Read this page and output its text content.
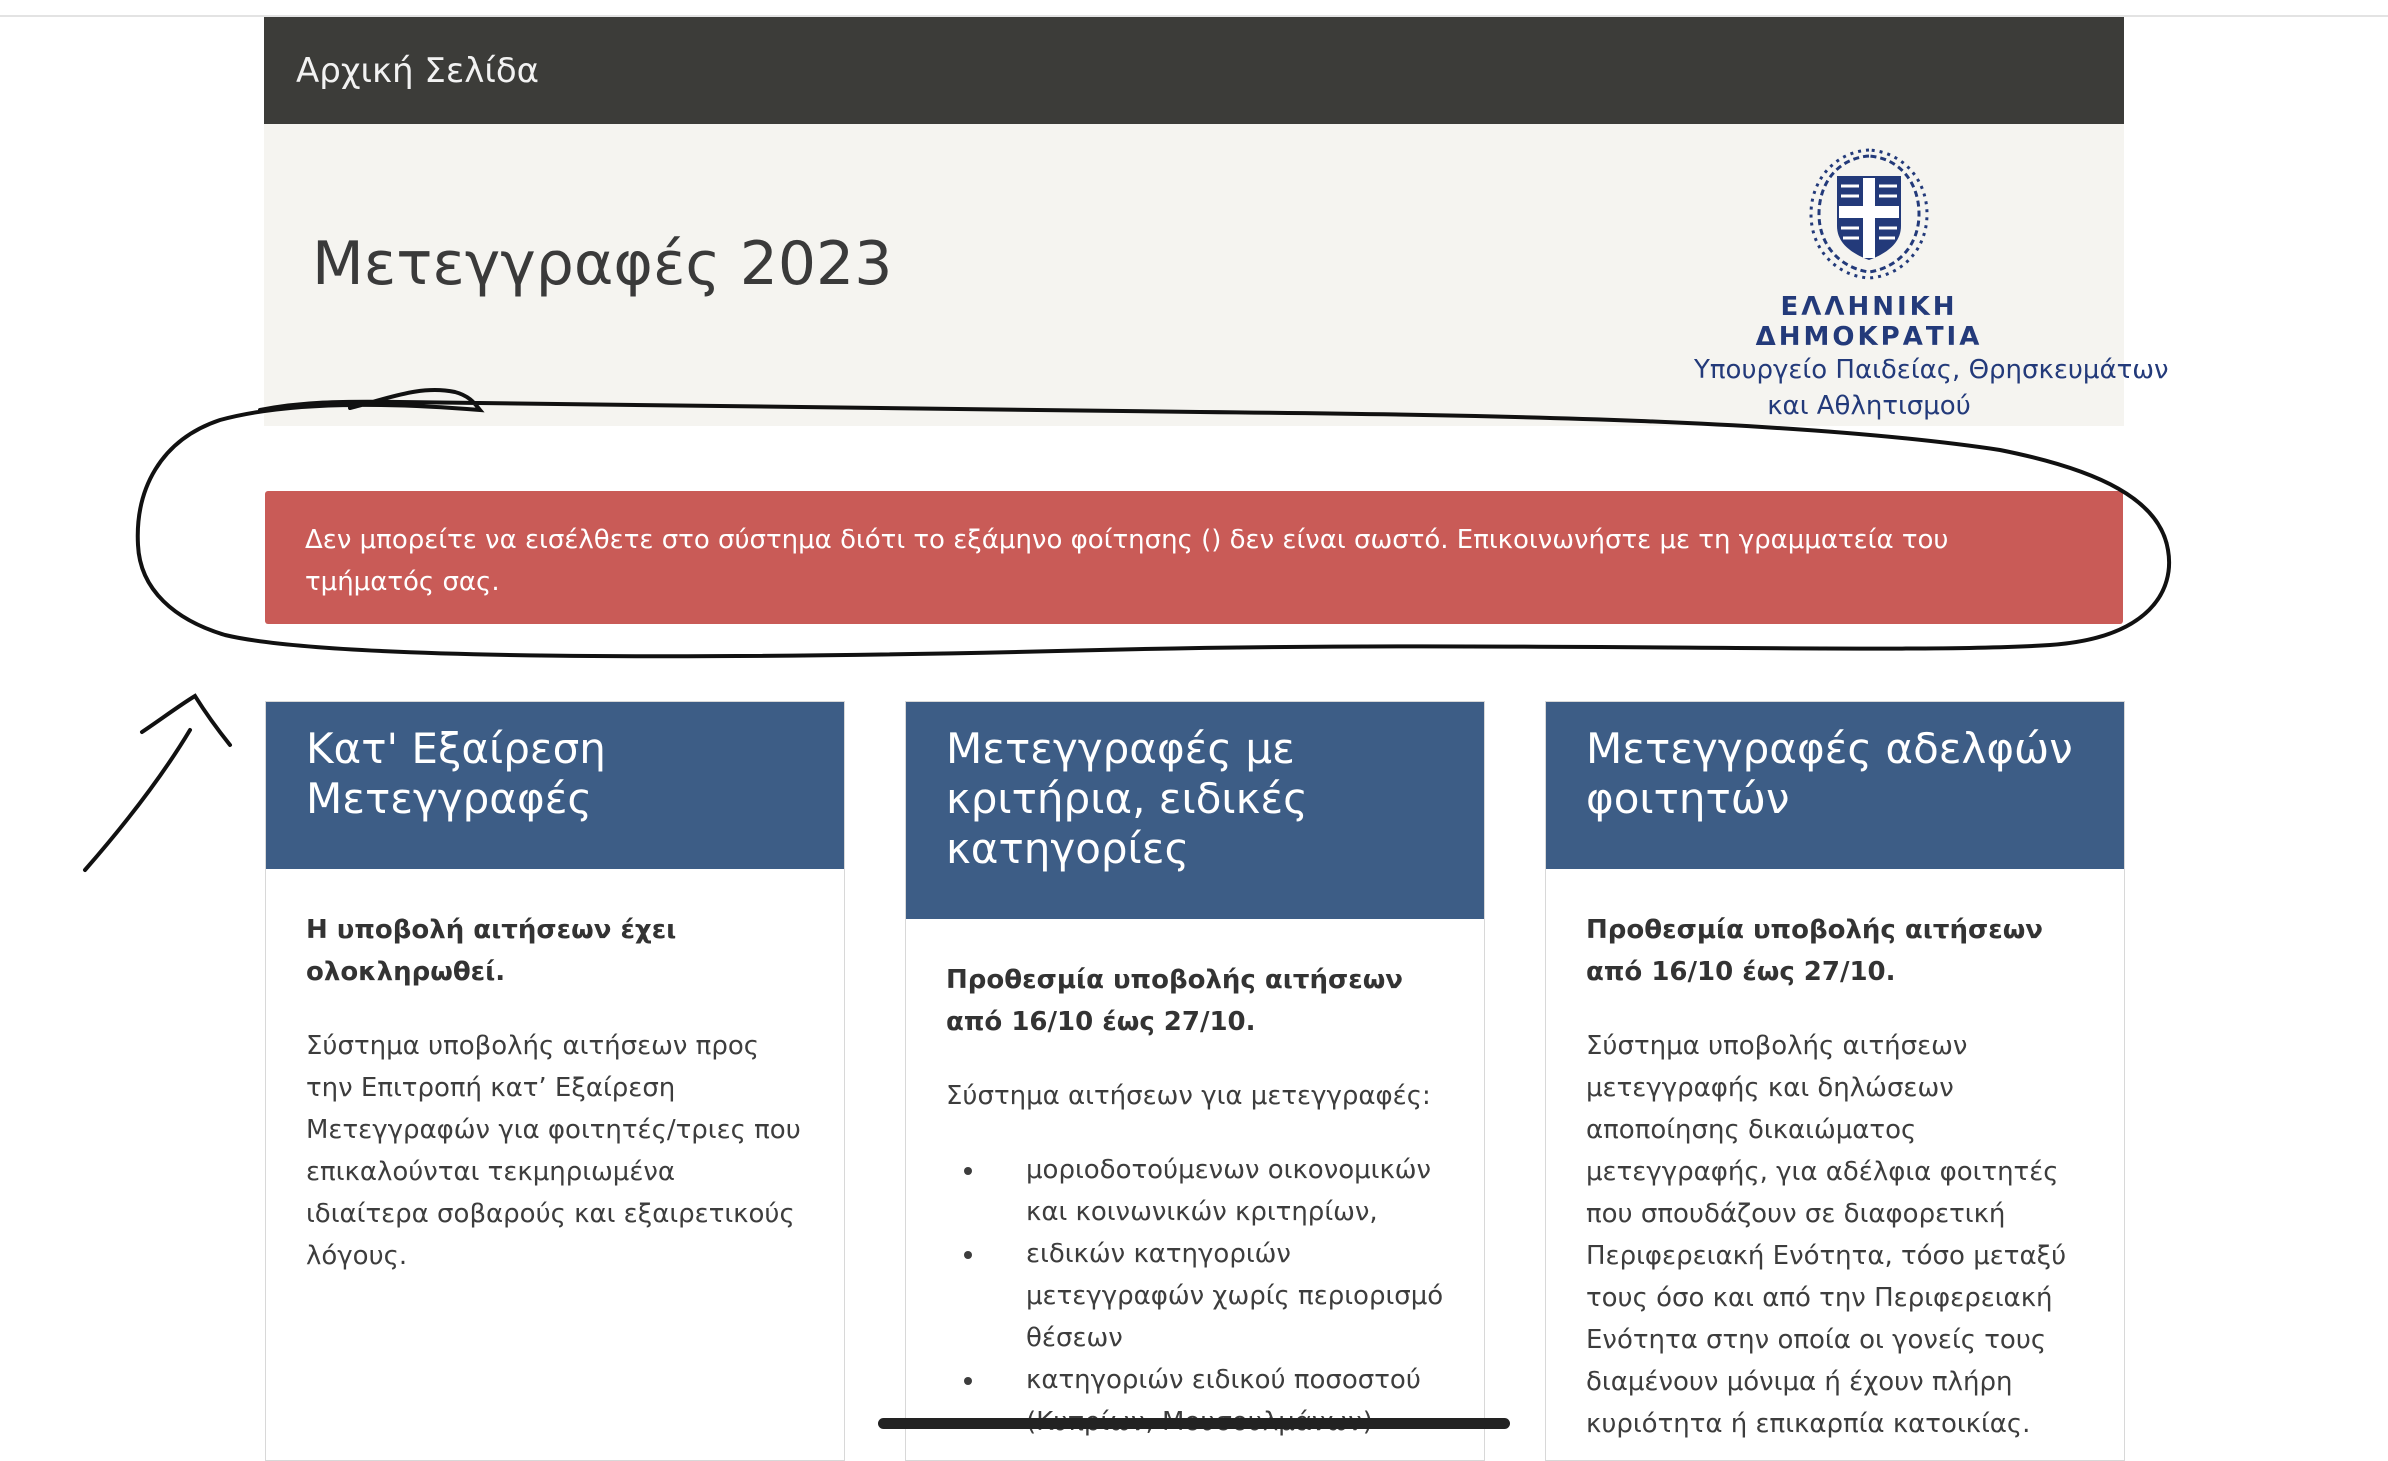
Αρχική Σελίδα
Μετεγγραφές 2023
ΕΛΛΗΝΙΚΗ ΔΗΜΟΚΡΑΤΙΑ
Υπουργείο Παιδείας, Θρησκευμάτων
και Αθλητισμού
Δεν μπορείτε να εισέλθετε στο σύστημα διότι το εξάμηνο φοίτησης () δεν είναι σωστό. Επικοινωνήστε με τη γραμματεία του τμήματός σας.
Κατ' Εξαίρεση Μετεγγραφές

Η υποβολή αιτήσεων έχει ολοκληρωθεί.

Σύστημα υποβολής αιτήσεων προς την Επιτροπή κατ’ Εξαίρεση Μετεγγραφών για φοιτητές/τριες που επικαλούνται τεκμηριωμένα ιδιαίτερα σοβαρούς και εξαιρετικούς λόγους.

Μετεγγραφές με κριτήρια, ειδικές κατηγορίες

Προθεσμία υποβολής αιτήσεων από 16/10 έως 27/10.

Σύστημα αιτήσεων για μετεγγραφές:

• μοριοδοτούμενων οικονομικών και κοινωνικών κριτηρίων,
• ειδικών κατηγοριών μετεγγραφών χωρίς περιορισμό θέσεων
• κατηγοριών ειδικού ποσοστού
Μετεγγραφές αδελφών φοιτητών

Προθεσμία υποβολής αιτήσεων από 16/10 έως 27/10.

Σύστημα υποβολής αιτήσεων μετεγγραφής και δηλώσεων αποποίησης δικαιώματος μετεγγραφής, για αδέλφια φοιτητές που σπουδάζουν σε διαφορετική Περιφερειακή Ενότητα, τόσο μεταξύ τους όσο και από την Περιφερειακή Ενότητα στην οποία οι γονείς τους διαμένουν μόνιμα ή έχουν πλήρη κυριότητα ή επικαρπία κατοικίας.
